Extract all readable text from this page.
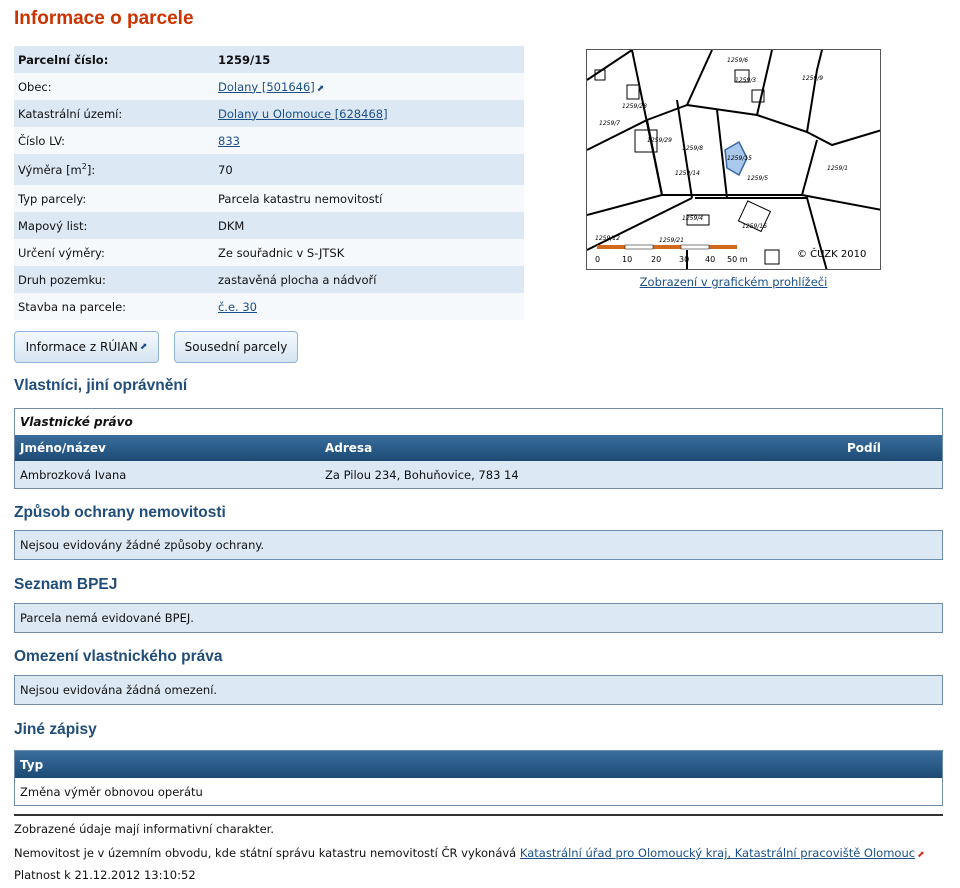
Informace o parcele
Parcelní číslo:	1259/15
Obec:	Dolany [501646] ⬈
Katastrální území:	Dolany u Olomouce [628468]
Číslo LV:	833
Výměra $[m^2]$:	70
Typ parcely:	Parcela katastru nemovitostí
Mapový list:	DKM
Určení výměry:	Ze souřadnic v S-JTSK
Druh pozemku:	zastavěná plocha a nádvoří
Stavba na parcele:	č.e. 30
1259/6
1259/3
1259/28
1259/7
1259/29
1259/8
1259/15
1259/14
1259/5
1259/4
1259/21
1259/9
1259/16
1259/12
1259/1
0	10 20 30 40 50 m	© ČÚZK 2010
Zobrazení v grafickém prohlížeči
Informace z RÚIAN ⬈	Sousední parcely
Vlastníci, jiní oprávnění
Vlastnické právo
Jméno/název	Adresa	Podíl
Ambrozková Ivana	Za Pilou 234, Bohuňovice, 783 14
Způsob ochrany nemovitosti
Nejsou evidovány žádné způsoby ochrany.
Seznam BPEJ
Parcela nemá evidované BPEJ.
Omezení vlastnického práva
Nejsou evidována žádná omezení.
Jiné zápisy
Typ
Změna výměr obnovou operátu
Zobrazené údaje mají informativní charakter.
Nemovitost je v územním obvodu, kde státní správu katastru nemovitostí ČR vykonává Katastrální úřad pro Olomoucký kraj, Katastrální pracoviště Olomouc ⬈
Platnost k 21.12.2012 13:10:52
